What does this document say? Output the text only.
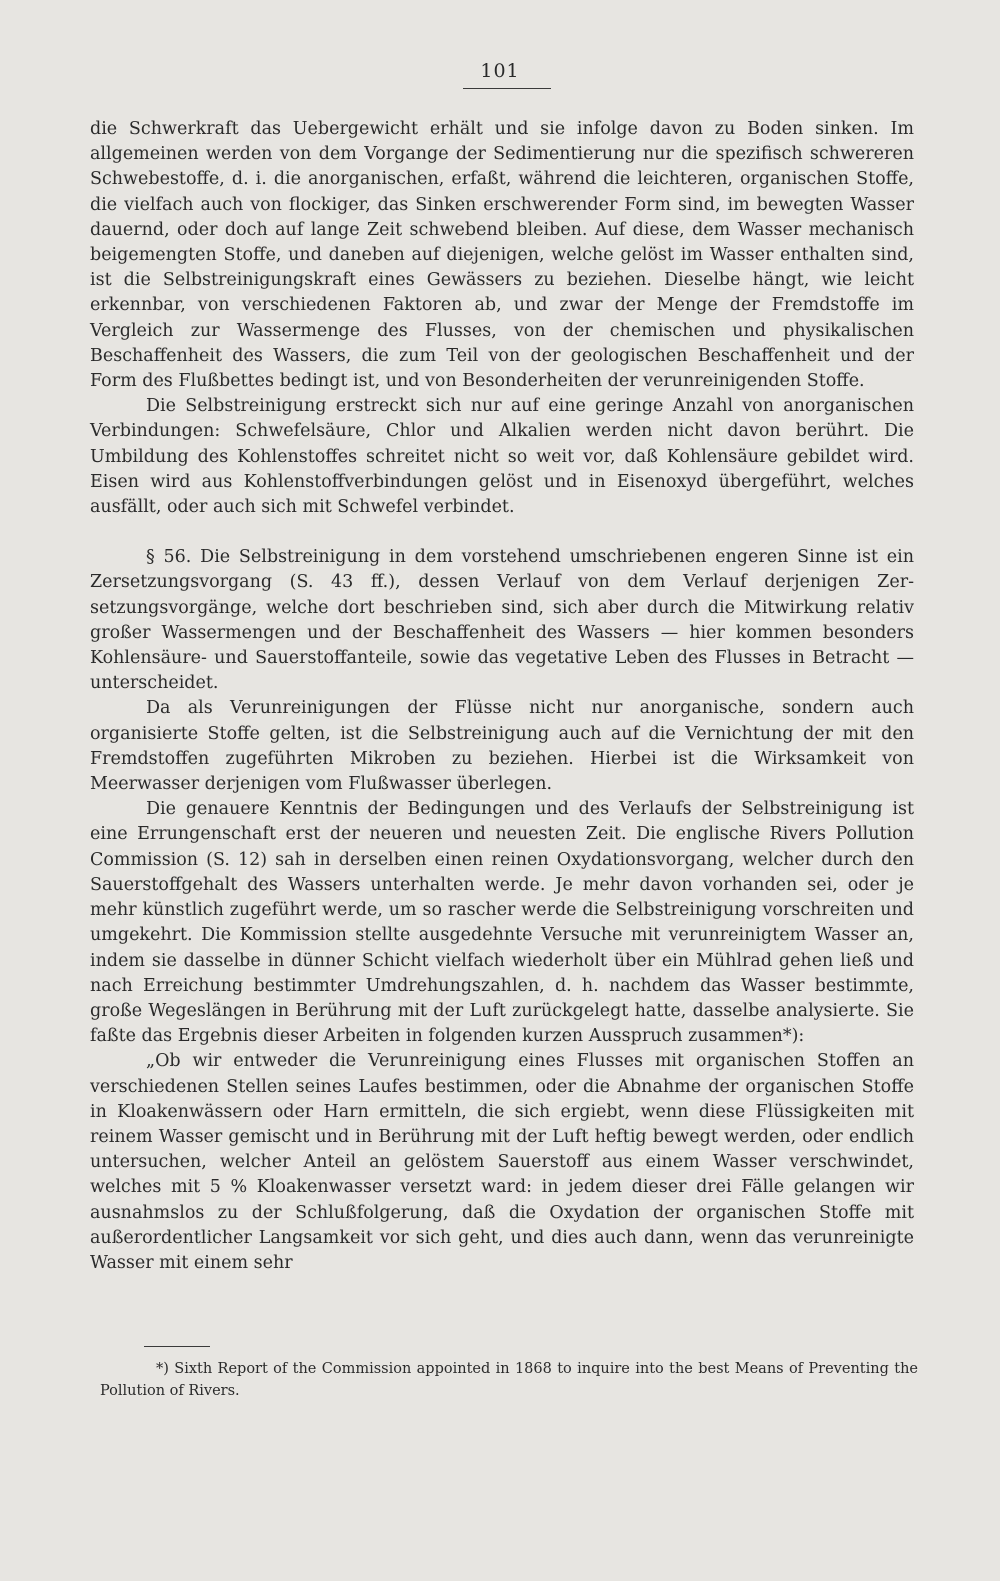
101

die Schwerkraft das Uebergewicht erhält und sie infolge davon zu Boden sinken. Im allgemeinen werden von dem Vorgange der Sedimentierung nur die spezifisch schwereren Schwebestoffe, d. i. die anorganischen, erfaßt, während die leichteren, organischen Stoffe, die vielfach auch von flockiger, das Sinken erschwerender Form sind, im bewegten Wasser dauernd, oder doch auf lange Zeit schwebend bleiben. Auf diese, dem Wasser mechanisch beigemengten Stoffe, und daneben auf diejenigen, welche gelöst im Wasser enthalten sind, ist die Selbstreinigungskraft eines Gewässers zu beziehen. Dieselbe hängt, wie leicht erkennbar, von verschiedenen Faktoren ab, und zwar der Menge der Fremdstoffe im Vergleich zur Wassermenge des Flusses, von der chemischen und physikalischen Beschaffenheit des Wassers, die zum Teil von der geologischen Beschaffenheit und der Form des Flußbettes bedingt ist, und von Besonderheiten der verunreinigenden Stoffe.

Die Selbstreinigung erstreckt sich nur auf eine geringe Anzahl von anorganischen Verbindungen: Schwefelsäure, Chlor und Alkalien werden nicht davon berührt. Die Umbildung des Kohlenstoffes schreitet nicht so weit vor, daß Kohlensäure gebildet wird. Eisen wird aus Kohlenstoffverbindungen gelöst und in Eisenoxyd übergeführt, welches ausfällt, oder auch sich mit Schwefel verbindet.

§ 56. Die Selbstreinigung in dem vorstehend umschriebenen engeren Sinne ist ein Zersetzungsvorgang (S. 43 ff.), dessen Verlauf von dem Verlauf derjenigen Zersetzungsvorgänge, welche dort beschrieben sind, sich aber durch die Mitwirkung relativ großer Wassermengen und der Beschaffenheit des Wassers — hier kommen besonders Kohlensäure- und Sauerstoffanteile, sowie das vegetative Leben des Flusses in Betracht — unterscheidet.

Da als Verunreinigungen der Flüsse nicht nur anorganische, sondern auch organisierte Stoffe gelten, ist die Selbstreinigung auch auf die Vernichtung der mit den Fremdstoffen zugeführten Mikroben zu beziehen. Hierbei ist die Wirksamkeit von Meerwasser derjenigen vom Flußwasser überlegen.

Die genauere Kenntnis der Bedingungen und des Verlaufs der Selbstreinigung ist eine Errungenschaft erst der neueren und neuesten Zeit. Die englische Rivers Pollution Commission (S. 12) sah in derselben einen reinen Oxydationsvorgang, welcher durch den Sauerstoffgehalt des Wassers unterhalten werde. Je mehr davon vorhanden sei, oder je mehr künstlich zugeführt werde, um so rascher werde die Selbstreinigung vorschreiten und umgekehrt. Die Kommission stellte ausgedehnte Versuche mit verunreinigtem Wasser an, indem sie dasselbe in dünner Schicht vielfach wiederholt über ein Mühlrad gehen ließ und nach Erreichung bestimmter Umdrehungszahlen, d. h. nachdem das Wasser bestimmte, große Wegeslängen in Berührung mit der Luft zurückgelegt hatte, dasselbe analysierte. Sie faßte das Ergebnis dieser Arbeiten in folgenden kurzen Ausspruch zusammen*):

„Ob wir entweder die Verunreinigung eines Flusses mit organischen Stoffen an verschiedenen Stellen seines Laufes bestimmen, oder die Abnahme der organischen Stoffe in Kloakenwässern oder Harn ermitteln, die sich ergiebt, wenn diese Flüssigkeiten mit reinem Wasser gemischt und in Berührung mit der Luft heftig bewegt werden, oder endlich untersuchen, welcher Anteil an gelöstem Sauerstoff aus einem Wasser verschwindet, welches mit 5 % Kloakenwasser versetzt ward: in jedem dieser drei Fälle gelangen wir ausnahmslos zu der Schlußfolgerung, daß die Oxydation der organischen Stoffe mit außerordentlicher Langsamkeit vor sich geht, und dies auch dann, wenn das verunreinigte Wasser mit einem sehr

*) Sixth Report of the Commission appointed in 1868 to inquire into the best Means of Preventing the Pollution of Rivers.
